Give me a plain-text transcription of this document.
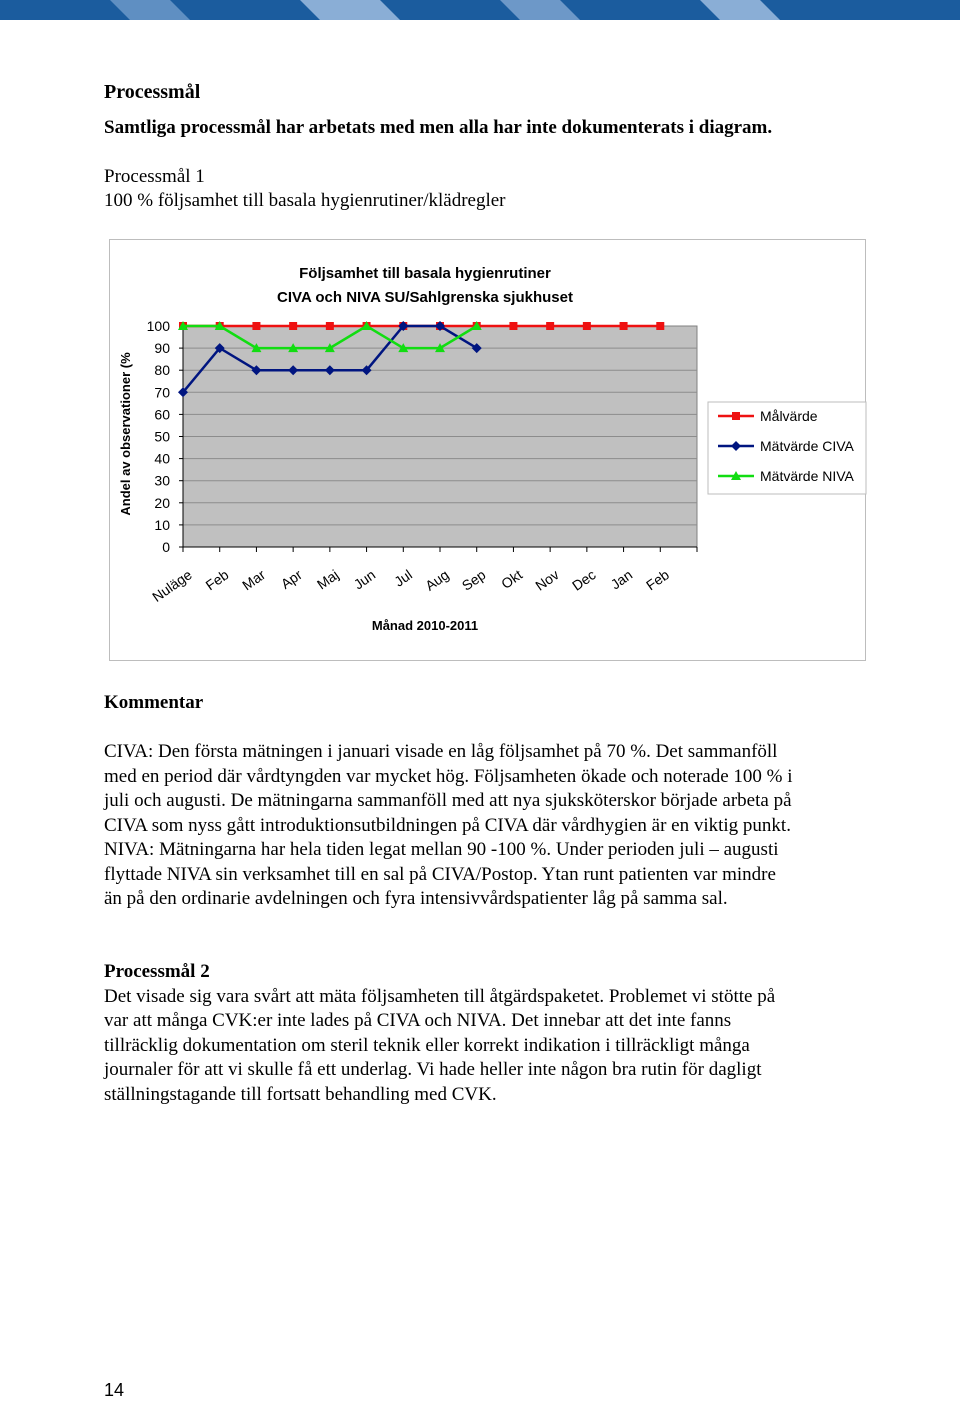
Processmål
Samtliga processmål har arbetats med men alla har inte dokumenterats i diagram.
Processmål 1
100 % följsamhet till basala hygienrutiner/klädregler
Följsamhet till basala hygienrutiner
CIVA och NIVA SU/Sahlgrenska sjukhuset
100
90
80
70
60
50
40
30
20
10
0
Nuläge Feb Mar Apr Maj Jun Jul Aug Sep Okt Nov Dec Jan Feb
Andel av observationer (%
Månad 2010-2011
Målvärde
Mätvärde CIVA
Mätvärde NIVA
Kommentar

CIVA: Den första mätningen i januari visade en låg följsamhet på 70 %. Det sammanföll

med en period där vårdtyngden var mycket hög. Följsamheten ökade och noterade 100 % i

juli och augusti. De mätningarna sammanföll med att nya sjuksköterskor började arbeta på

CIVA som nyss gått introduktionsutbildningen på CIVA där vårdhygien är en viktig punkt.

NIVA: Mätningarna har hela tiden legat mellan 90 -100 %. Under perioden juli – augusti

flyttade NIVA sin verksamhet till en sal på CIVA/Postop. Ytan runt patienten var mindre

än på den ordinarie avdelningen och fyra intensivvårdspatienter låg på samma sal.

Processmål 2

Det visade sig vara svårt att mäta följsamheten till åtgärdspaketet. Problemet vi stötte på

var att många CVK:er inte lades på CIVA och NIVA. Det innebar att det inte fanns

tillräcklig dokumentation om steril teknik eller korrekt indikation i tillräckligt många

journaler för att vi skulle få ett underlag. Vi hade heller inte någon bra rutin för dagligt

ställningstagande till fortsatt behandling med CVK.

14
